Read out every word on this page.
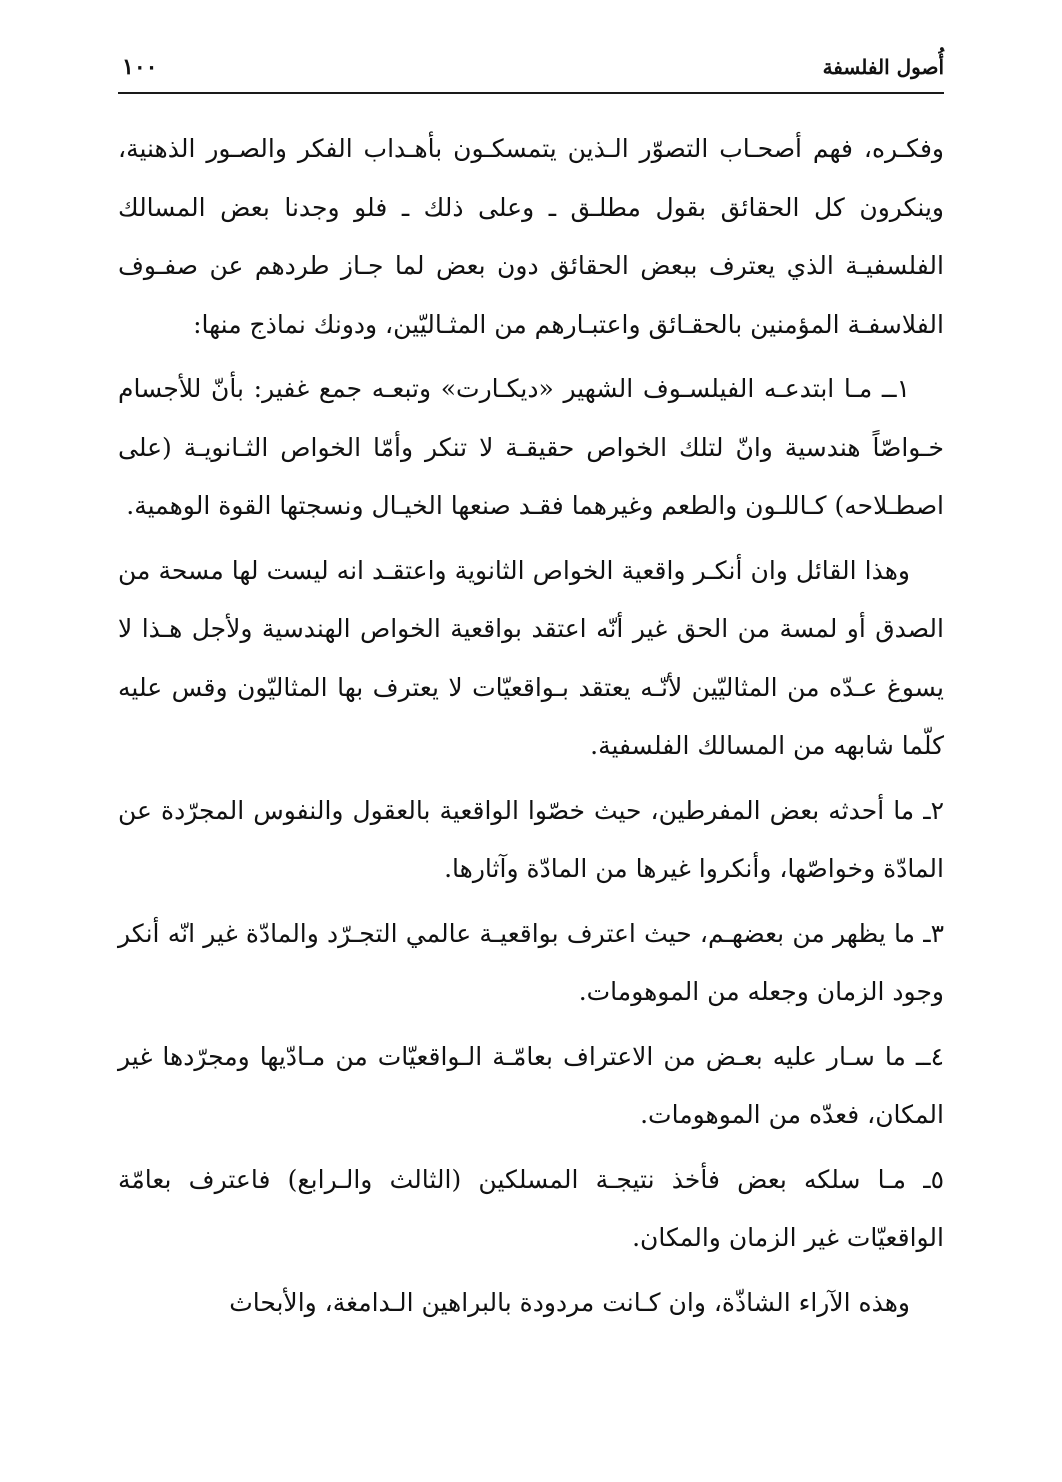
أُصول الفلسفة
١٠٠

وفكـره، فهم أصحـاب التصوّر الـذين يتمسكـون بأهـداب الفكر والصـور الذهنية، وينكرون كل الحقائق بقول مطلـق ـ وعلى ذلك ـ فلو وجدنا بعض المسالك الفلسفيـة الذي يعترف ببعض الحقائق دون بعض لما جـاز طردهم عن صفـوف الفلاسفـة المؤمنين بالحقـائق واعتبـارهم من المثـاليّين، ودونك نماذج منها:

١ــ مـا ابتدعـه الفيلسـوف الشهير «ديكـارت» وتبعـه جمع غفير: بأنّ للأجسام خـواصّاً هندسية وانّ لتلك الخواص حقيقـة لا تنكر وأمّا الخواص الثـانويـة (على اصطـلاحه) كـاللـون والطعم وغيرهما فقـد صنعها الخيـال ونسجتها القوة الوهمية.

وهذا القائل وان أنكـر واقعية الخواص الثانوية واعتقـد انه ليست لها مسحة من الصدق أو لمسة من الحق غير أنّه اعتقد بواقعية الخواص الهندسية ولأجل هـذا لا يسوغ عـدّه من المثاليّين لأنّـه يعتقد بـواقعيّات لا يعترف بها المثاليّون وقس عليه كلّما شابهه من المسالك الفلسفية.

٢ـ ما أحدثه بعض المفرطين، حيث خصّوا الواقعية بالعقول والنفوس المجرّدة عن المادّة وخواصّها، وأنكروا غيرها من المادّة وآثارها.

٣ـ ما يظهر من بعضهـم، حيث اعترف بواقعيـة عالمي التجـرّد والمادّة غير انّه أنكر وجود الزمان وجعله من الموهومات.

٤ــ ما سـار عليه بعـض من الاعتراف بعامّـة الـواقعيّات من مـادّيها ومجرّدها غير المكان، فعدّه من الموهومات.

٥ـ مـا سلكه بعض فأخذ نتيجـة المسلكين (الثالث والـرابع) فاعترف بعامّة الواقعيّات غير الزمان والمكان.

وهذه الآراء الشاذّة، وان كـانت مردودة بالبراهين الـدامغة، والأبحاث
